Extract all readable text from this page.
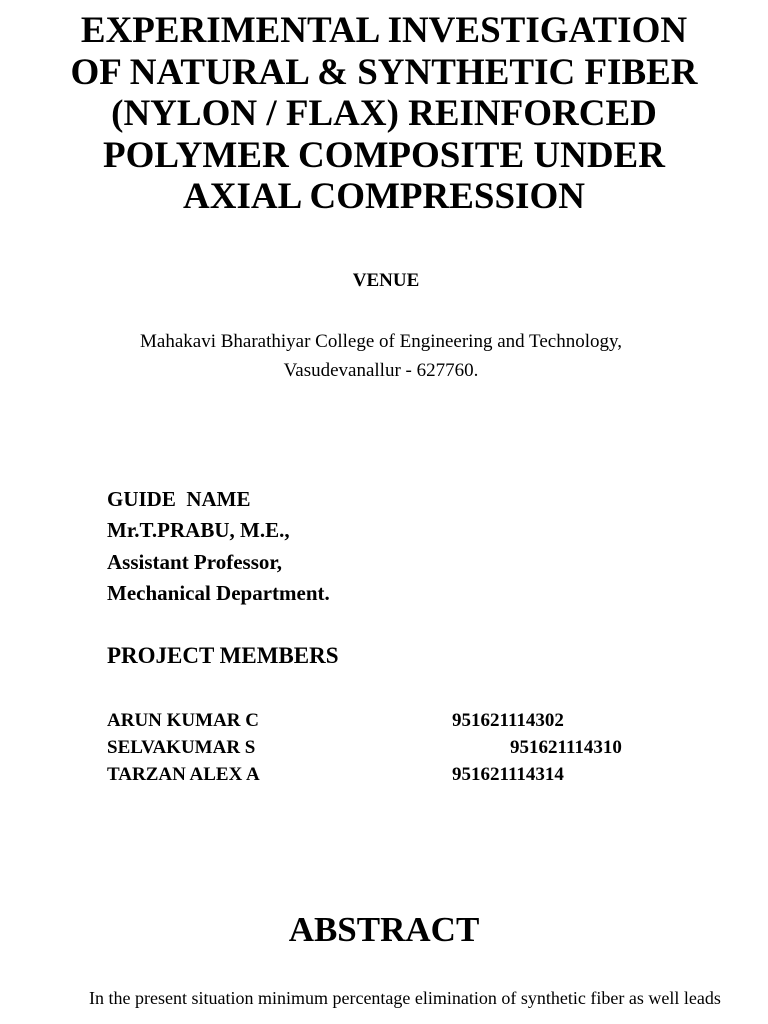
EXPERIMENTAL INVESTIGATION
OF NATURAL & SYNTHETIC FIBER
(NYLON / FLAX) REINFORCED
POLYMER COMPOSITE UNDER
AXIAL COMPRESSION
VENUE
Mahakavi Bharathiyar College of Engineering and Technology,
Vasudevanallur - 627760.
GUIDE  NAME
Mr.T.PRABU, M.E.,
Assistant Professor,
Mechanical Department.
PROJECT MEMBERS
ARUN KUMAR C	951621114302
SELVAKUMAR S	951621114310
TARZAN ALEX A	951621114314
ABSTRACT
In the present situation minimum percentage elimination of synthetic fiber as well leads
